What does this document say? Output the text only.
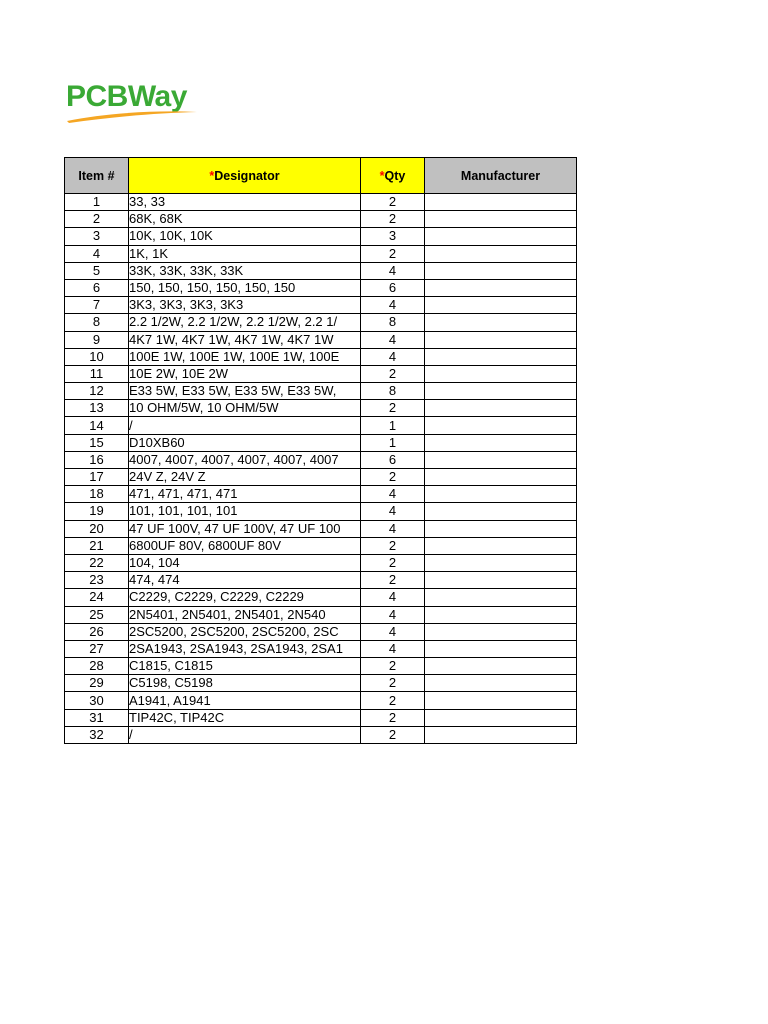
PCBWay
Item #	*Designator	*Qty	Manufacturer
1	33, 33	2	
2	68K, 68K	2	
3	10K, 10K, 10K	3	
4	1K, 1K	2	
5	33K, 33K, 33K, 33K	4	
6	150, 150, 150, 150, 150, 150	6	
7	3K3, 3K3, 3K3, 3K3	4	
8	2.2 1/2W, 2.2 1/2W, 2.2 1/2W, 2.2 1/	8	
9	4K7 1W, 4K7 1W, 4K7 1W, 4K7 1W	4	
10	100E 1W, 100E 1W, 100E 1W, 100E	4	
11	10E 2W, 10E 2W	2	
12	E33 5W, E33 5W, E33 5W, E33 5W,	8	
13	10 OHM/5W, 10 OHM/5W	2	
14	/	1	
15	D10XB60	1	
16	4007, 4007, 4007, 4007, 4007, 4007	6	
17	24V Z, 24V Z	2	
18	471, 471, 471, 471	4	
19	101, 101, 101, 101	4	
20	47 UF 100V, 47 UF 100V, 47 UF 100	4	
21	6800UF 80V, 6800UF 80V	2	
22	104, 104	2	
23	474, 474	2	
24	C2229, C2229, C2229, C2229	4	
25	2N5401, 2N5401, 2N5401, 2N540	4	
26	2SC5200, 2SC5200, 2SC5200, 2SC	4	
27	2SA1943, 2SA1943, 2SA1943, 2SA1	4	
28	C1815, C1815	2	
29	C5198, C5198	2	
30	A1941, A1941	2	
31	TIP42C, TIP42C	2	
32	/	2	
